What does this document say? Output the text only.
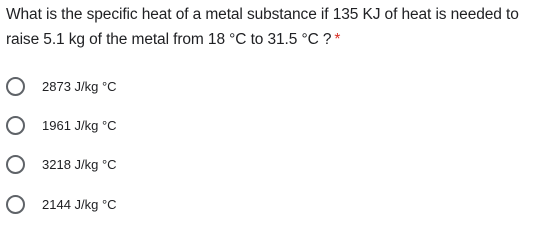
What is the specific heat of a metal substance if 135 KJ of heat is needed to raise 5.1 kg of the metal from 18 °C to 31.5 °C ? *
2873 J/kg °C
1961 J/kg °C
3218 J/kg °C
2144 J/kg °C
